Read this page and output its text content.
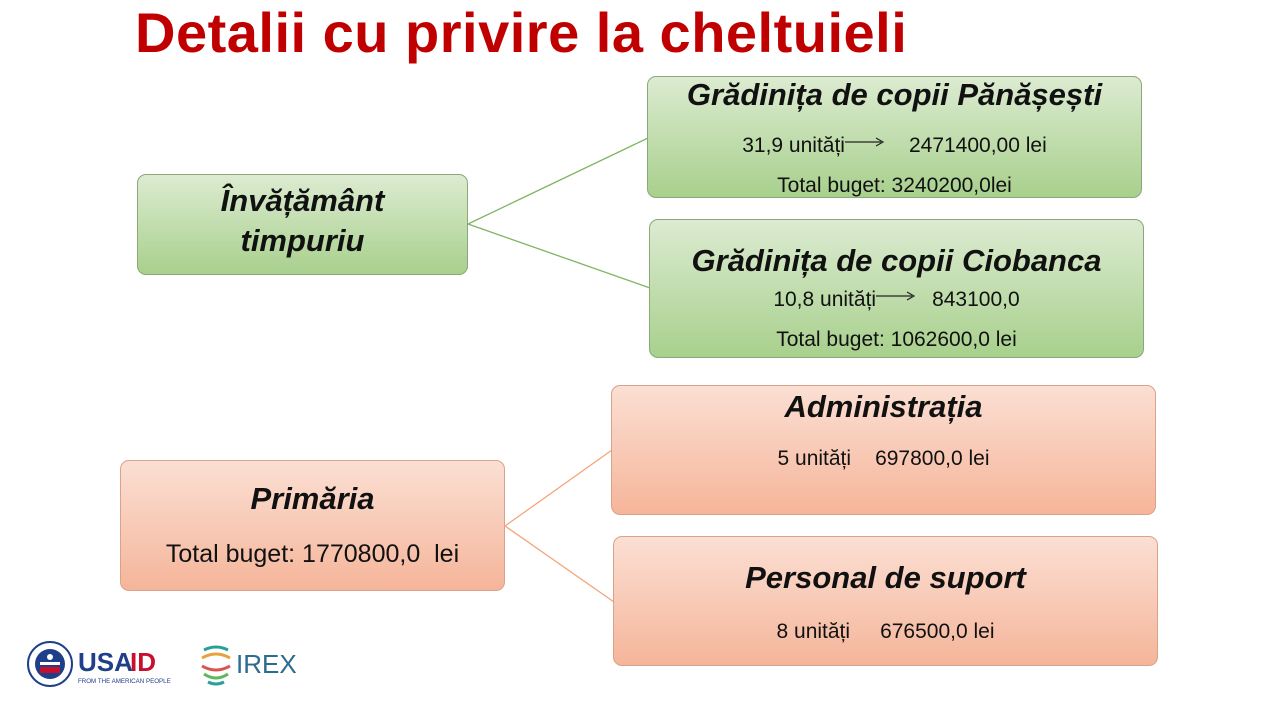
Detalii cu privire la cheltuieli
Învățământ
timpuriu
Grădinița de copii Pănășești
31,9 unități	2471400,00 lei
Total buget: 3240200,0lei
Grădinița de copii Ciobanca
10,8 unități	843100,0
Total buget: 1062600,0 lei
Primăria
Total buget: 1770800,0  lei
Administrația
5 unități 697800,0 lei
Personal de suport
8 unități 676500,0 lei
USA
ID
FROM THE AMERICAN PEOPLE
IREX
